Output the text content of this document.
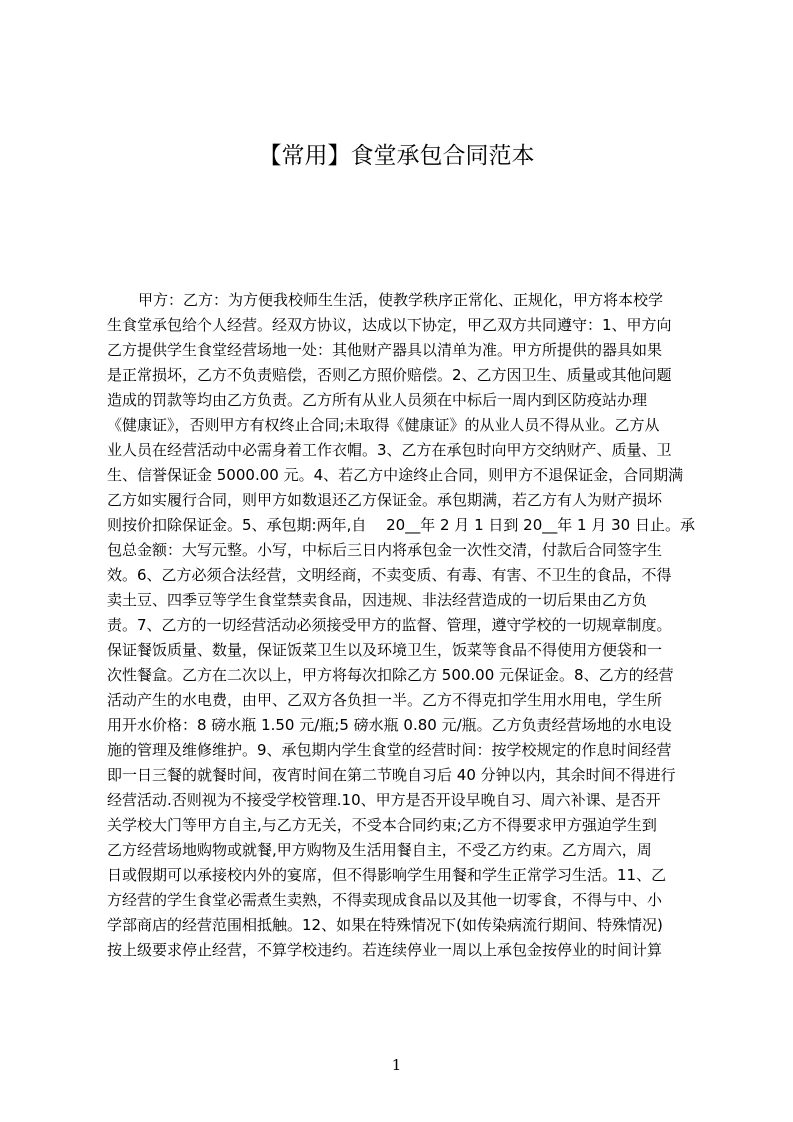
【常用】食堂承包合同范本
甲方：乙方：为方便我校师生生活，使教学秩序正常化、正规化，甲方将本校学
生食堂承包给个人经营。经双方协议，达成以下协定，甲乙双方共同遵守：1、甲方向
乙方提供学生食堂经营场地一处：其他财产器具以清单为准。甲方所提供的器具如果
是正常损坏，乙方不负责赔偿，否则乙方照价赔偿。2、乙方因卫生、质量或其他问题
造成的罚款等均由乙方负责。乙方所有从业人员须在中标后一周内到区防疫站办理
《健康证》，否则甲方有权终止合同;未取得《健康证》的从业人员不得从业。乙方从
业人员在经营活动中必需身着工作衣帽。3、乙方在承包时向甲方交纳财产、质量、卫
生、信誉保证金 5000.00 元。4、若乙方中途终止合同，则甲方不退保证金，合同期满
乙方如实履行合同，则甲方如数退还乙方保证金。承包期满，若乙方有人为财产损坏
则按价扣除保证金。5、承包期:两年,自　 20__年 2 月 1 日到 20__年 1 月 30 日止。承
包总金额：大写元整。小写，中标后三日内将承包金一次性交清，付款后合同签字生
效。6、乙方必须合法经营，文明经商，不卖变质、有毒、有害、不卫生的食品，不得
卖土豆、四季豆等学生食堂禁卖食品，因违规、非法经营造成的一切后果由乙方负
责。7、乙方的一切经营活动必须接受甲方的监督、管理，遵守学校的一切规章制度。
保证餐饭质量、数量，保证饭菜卫生以及环境卫生，饭菜等食品不得使用方便袋和一
次性餐盒。乙方在二次以上，甲方将每次扣除乙方 500.00 元保证金。8、乙方的经营
活动产生的水电费，由甲、乙双方各负担一半。乙方不得克扣学生用水用电，学生所
用开水价格：8 磅水瓶 1.50 元/瓶;5 磅水瓶 0.80 元/瓶。乙方负责经营场地的水电设
施的管理及维修维护。9、承包期内学生食堂的经营时间：按学校规定的作息时间经营
即一日三餐的就餐时间，夜宵时间在第二节晚自习后 40 分钟以内，其余时间不得进行
经营活动.否则视为不接受学校管理.10、甲方是否开设早晚自习、周六补课、是否开
关学校大门等甲方自主,与乙方无关，不受本合同约束;乙方不得要求甲方强迫学生到
乙方经营场地购物或就餐,甲方购物及生活用餐自主，不受乙方约束。乙方周六，周
日或假期可以承接校内外的宴席，但不得影响学生用餐和学生正常学习生活。11、乙
方经营的学生食堂必需煮生卖熟，不得卖现成食品以及其他一切零食，不得与中、小
学部商店的经营范围相抵触。12、如果在特殊情况下(如传染病流行期间、特殊情况)
按上级要求停止经营，不算学校违约。若连续停业一周以上承包金按停业的时间计算
1
